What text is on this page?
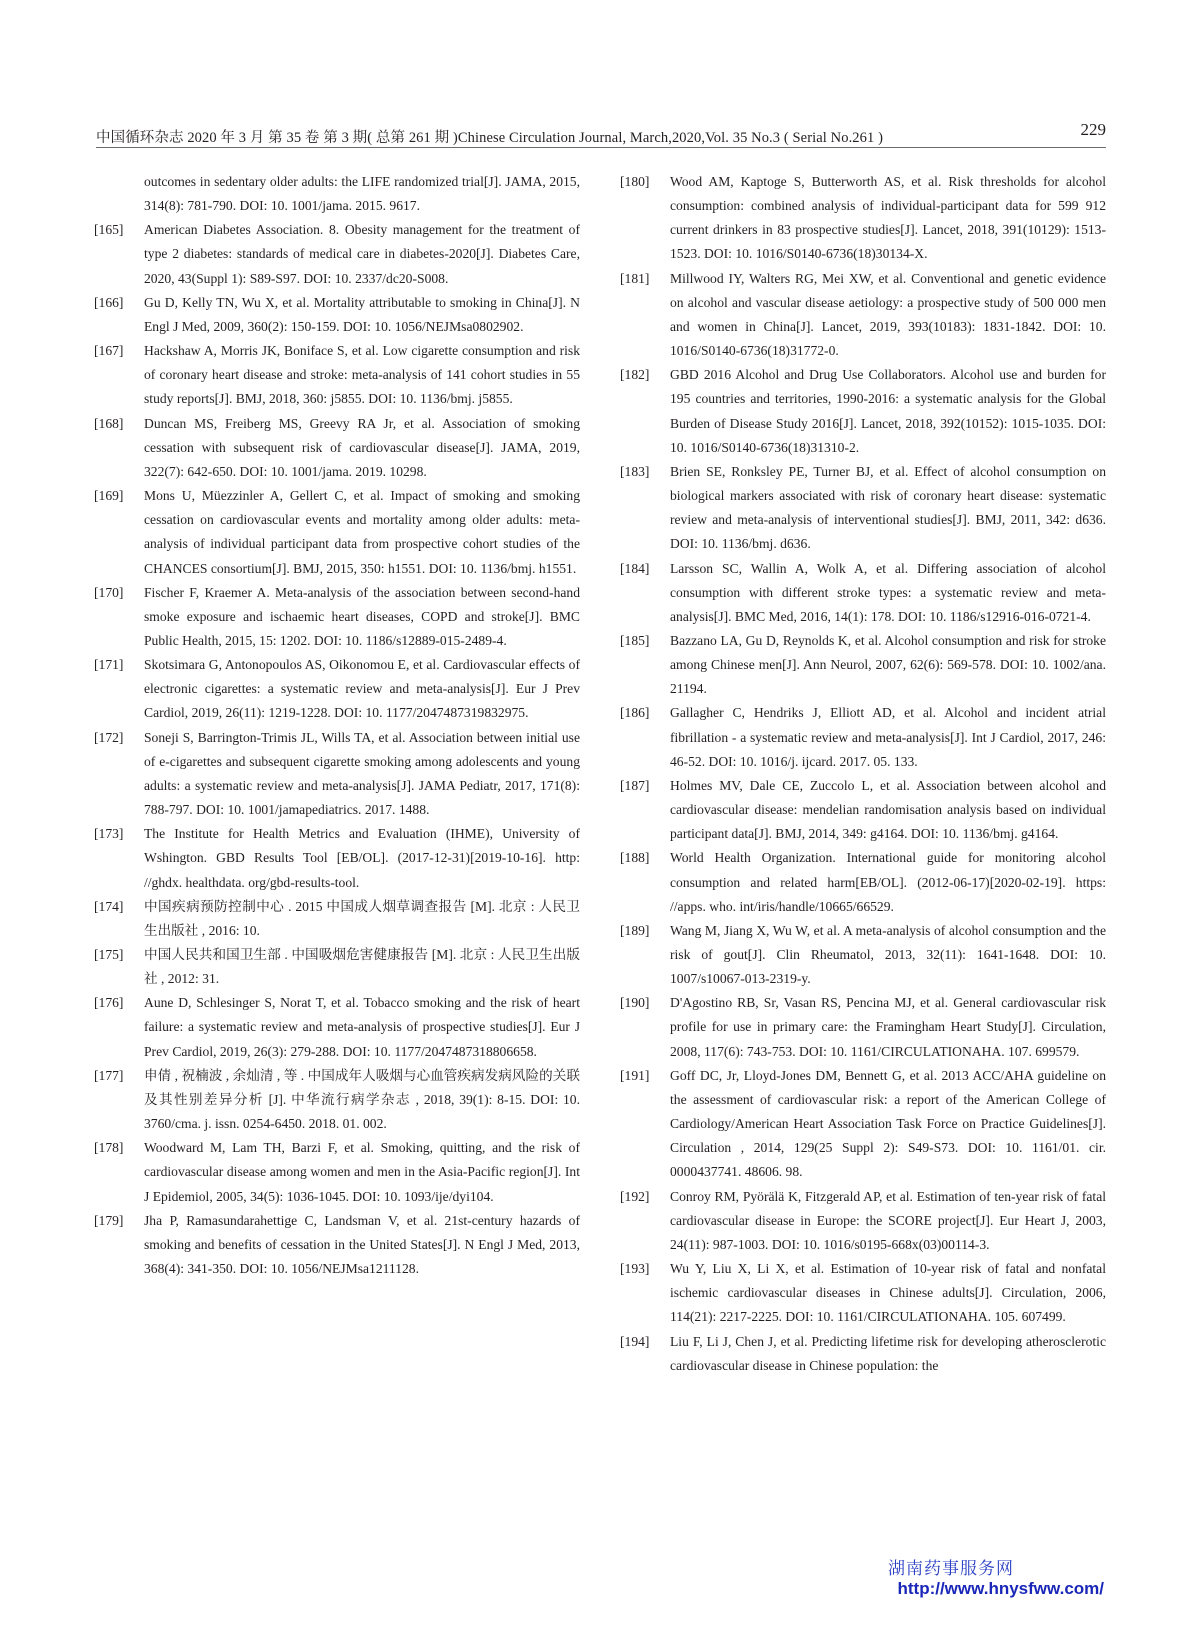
中国循环杂志 2020 年 3 月 第 35 卷 第 3 期( 总第 261 期 )Chinese Circulation Journal, March,2020,Vol. 35 No.3 ( Serial No.261 )	229
outcomes in sedentary older adults: the LIFE randomized trial[J]. JAMA, 2015, 314(8): 781-790. DOI: 10. 1001/jama. 2015. 9617.
[165] American Diabetes Association. 8. Obesity management for the treatment of type 2 diabetes: standards of medical care in diabetes-2020[J]. Diabetes Care, 2020, 43(Suppl 1): S89-S97. DOI: 10. 2337/dc20-S008.
[166] Gu D, Kelly TN, Wu X, et al. Mortality attributable to smoking in China[J]. N Engl J Med, 2009, 360(2): 150-159. DOI: 10. 1056/NEJMsa0802902.
[167] Hackshaw A, Morris JK, Boniface S, et al. Low cigarette consumption and risk of coronary heart disease and stroke: meta-analysis of 141 cohort studies in 55 study reports[J]. BMJ, 2018, 360: j5855. DOI: 10. 1136/bmj. j5855.
[168] Duncan MS, Freiberg MS, Greevy RA Jr, et al. Association of smoking cessation with subsequent risk of cardiovascular disease[J]. JAMA, 2019, 322(7): 642-650. DOI: 10. 1001/jama. 2019. 10298.
[169] Mons U, Müezzinler A, Gellert C, et al. Impact of smoking and smoking cessation on cardiovascular events and mortality among older adults: meta-analysis of individual participant data from prospective cohort studies of the CHANCES consortium[J]. BMJ, 2015, 350: h1551. DOI: 10. 1136/bmj. h1551.
[170] Fischer F, Kraemer A. Meta-analysis of the association between second-hand smoke exposure and ischaemic heart diseases, COPD and stroke[J]. BMC Public Health, 2015, 15: 1202. DOI: 10. 1186/s12889-015-2489-4.
[171] Skotsimara G, Antonopoulos AS, Oikonomou E, et al. Cardiovascular effects of electronic cigarettes: a systematic review and meta-analysis[J]. Eur J Prev Cardiol, 2019, 26(11): 1219-1228. DOI: 10. 1177/2047487319832975.
[172] Soneji S, Barrington-Trimis JL, Wills TA, et al. Association between initial use of e-cigarettes and subsequent cigarette smoking among adolescents and young adults: a systematic review and meta-analysis[J]. JAMA Pediatr, 2017, 171(8): 788-797. DOI: 10. 1001/jamapediatrics. 2017. 1488.
[173] The Institute for Health Metrics and Evaluation (IHME), University of Wshington. GBD Results Tool [EB/OL]. (2017-12-31)[2019-10-16]. http: //ghdx. healthdata. org/gbd-results-tool.
[174] 中国疾病预防控制中心 . 2015 中国成人烟草调查报告 [M]. 北京 : 人民卫生出版社 , 2016: 10.
[175] 中国人民共和国卫生部 . 中国吸烟危害健康报告 [M]. 北京 : 人民卫生出版社 , 2012: 31.
[176] Aune D, Schlesinger S, Norat T, et al. Tobacco smoking and the risk of heart failure: a systematic review and meta-analysis of prospective studies[J]. Eur J Prev Cardiol, 2019, 26(3): 279-288. DOI: 10. 1177/2047487318806658.
[177] 申倩 , 祝楠波 , 余灿清 , 等 . 中国成年人吸烟与心血管疾病发病风险的关联及其性别差异分析 [J]. 中华流行病学杂志 , 2018, 39(1): 8-15. DOI: 10. 3760/cma. j. issn. 0254-6450. 2018. 01. 002.
[178] Woodward M, Lam TH, Barzi F, et al. Smoking, quitting, and the risk of cardiovascular disease among women and men in the Asia-Pacific region[J]. Int J Epidemiol, 2005, 34(5): 1036-1045. DOI: 10. 1093/ije/dyi104.
[179] Jha P, Ramasundarahettige C, Landsman V, et al. 21st-century hazards of smoking and benefits of cessation in the United States[J]. N Engl J Med, 2013, 368(4): 341-350. DOI: 10. 1056/NEJMsa1211128.
[180] Wood AM, Kaptoge S, Butterworth AS, et al. Risk thresholds for alcohol consumption: combined analysis of individual-participant data for 599 912 current drinkers in 83 prospective studies[J]. Lancet, 2018, 391(10129): 1513-1523. DOI: 10. 1016/S0140-6736(18)30134-X.
[181] Millwood IY, Walters RG, Mei XW, et al. Conventional and genetic evidence on alcohol and vascular disease aetiology: a prospective study of 500 000 men and women in China[J]. Lancet, 2019, 393(10183): 1831-1842. DOI: 10. 1016/S0140-6736(18)31772-0.
[182] GBD 2016 Alcohol and Drug Use Collaborators. Alcohol use and burden for 195 countries and territories, 1990-2016: a systematic analysis for the Global Burden of Disease Study 2016[J]. Lancet, 2018, 392(10152): 1015-1035. DOI: 10. 1016/S0140-6736(18)31310-2.
[183] Brien SE, Ronksley PE, Turner BJ, et al. Effect of alcohol consumption on biological markers associated with risk of coronary heart disease: systematic review and meta-analysis of interventional studies[J]. BMJ, 2011, 342: d636. DOI: 10. 1136/bmj. d636.
[184] Larsson SC, Wallin A, Wolk A, et al. Differing association of alcohol consumption with different stroke types: a systematic review and meta-analysis[J]. BMC Med, 2016, 14(1): 178. DOI: 10. 1186/s12916-016-0721-4.
[185] Bazzano LA, Gu D, Reynolds K, et al. Alcohol consumption and risk for stroke among Chinese men[J]. Ann Neurol, 2007, 62(6): 569-578. DOI: 10. 1002/ana. 21194.
[186] Gallagher C, Hendriks J, Elliott AD, et al. Alcohol and incident atrial fibrillation - a systematic review and meta-analysis[J]. Int J Cardiol, 2017, 246: 46-52. DOI: 10. 1016/j. ijcard. 2017. 05. 133.
[187] Holmes MV, Dale CE, Zuccolo L, et al. Association between alcohol and cardiovascular disease: mendelian randomisation analysis based on individual participant data[J]. BMJ, 2014, 349: g4164. DOI: 10. 1136/bmj. g4164.
[188] World Health Organization. International guide for monitoring alcohol consumption and related harm[EB/OL]. (2012-06-17)[2020-02-19]. https: //apps. who. int/iris/handle/10665/66529.
[189] Wang M, Jiang X, Wu W, et al. A meta-analysis of alcohol consumption and the risk of gout[J]. Clin Rheumatol, 2013, 32(11): 1641-1648. DOI: 10. 1007/s10067-013-2319-y.
[190] D'Agostino RB, Sr, Vasan RS, Pencina MJ, et al. General cardiovascular risk profile for use in primary care: the Framingham Heart Study[J]. Circulation, 2008, 117(6): 743-753. DOI: 10. 1161/CIRCULATIONAHA. 107. 699579.
[191] Goff DC, Jr, Lloyd-Jones DM, Bennett G, et al. 2013 ACC/AHA guideline on the assessment of cardiovascular risk: a report of the American College of Cardiology/American Heart Association Task Force on Practice Guidelines[J]. Circulation , 2014, 129(25 Suppl 2): S49-S73. DOI: 10. 1161/01. cir. 0000437741. 48606. 98.
[192] Conroy RM, Pyörälä K, Fitzgerald AP, et al. Estimation of ten-year risk of fatal cardiovascular disease in Europe: the SCORE project[J]. Eur Heart J, 2003, 24(11): 987-1003. DOI: 10. 1016/s0195-668x(03)00114-3.
[193] Wu Y, Liu X, Li X, et al. Estimation of 10-year risk of fatal and nonfatal ischemic cardiovascular diseases in Chinese adults[J]. Circulation, 2006, 114(21): 2217-2225. DOI: 10. 1161/CIRCULATIONAHA. 105. 607499.
[194] Liu F, Li J, Chen J, et al. Predicting lifetime risk for developing atherosclerotic cardiovascular disease in Chinese population: the
湖南药事服务网
http://www.hnysfww.com/
